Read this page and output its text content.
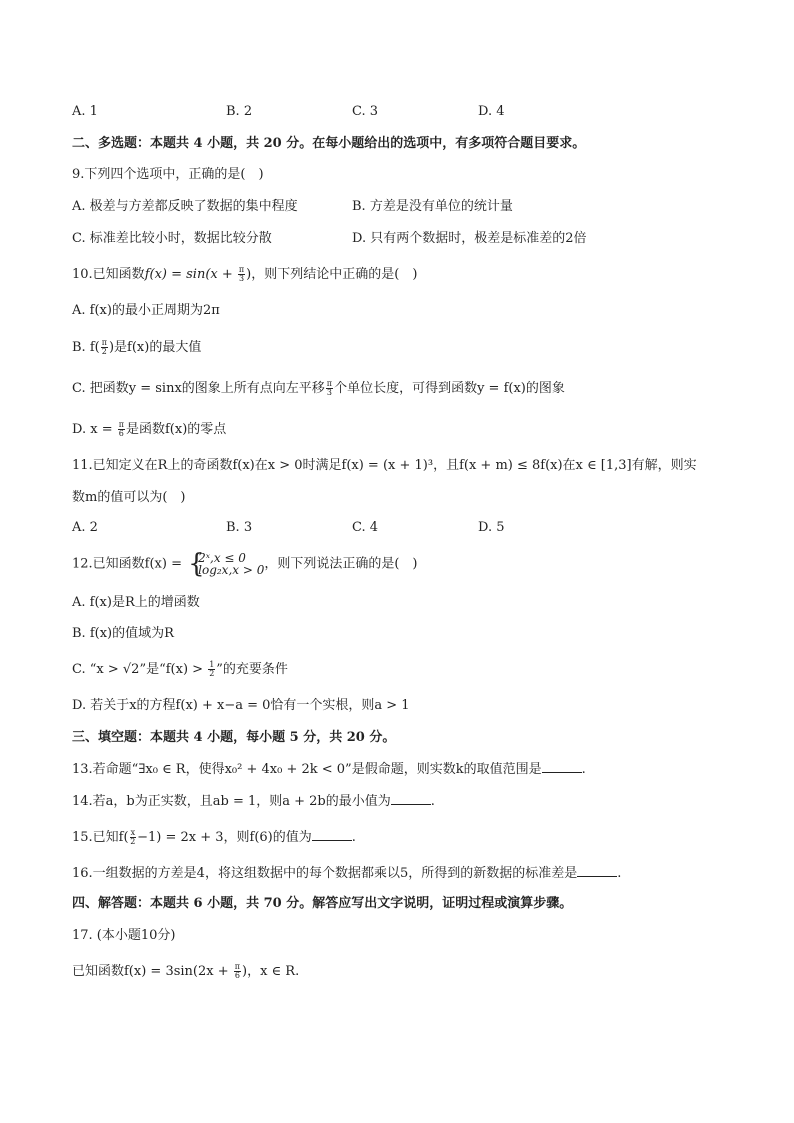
A. 1	B. 2	C. 3	D. 4
二、多选题：本题共 4 小题，共 20 分。在每小题给出的选项中，有多项符合题目要求。
9.下列四个选项中，正确的是(　)
A. 极差与方差都反映了数据的集中程度	B. 方差是没有单位的统计量
C. 标准差比较小时，数据比较分散	D. 只有两个数据时，极差是标准差的2倍
10.已知函数$f(x) = \sin(x + \frac{\pi}{3}$ )，则下列结论中正确的是(　)
A. f(x)的最小正周期为2π
B. $f( \frac{\pi}{2}$ )是f(x)的最大值
C. 把函数y = sinx的图象上所有点向左平移 $\frac{\pi}{3}$ 个单位长度，可得到函数y = f(x)的图象
D. $x = \frac{\pi}{6}$ 是函数f(x)的零点
11.已知定义在R上的奇函数f(x)在x > 0时满足f(x) = (x + 1)³，且f(x + m) ≤ 8f(x)在x ∈ [1,3]有解，则实
数m的值可以为(　)
A. 2	B. 3	C. 4	D. 5
12.已知函数f(x) = {
2ˣ,x ≤ 0
log₂x,x > 0 ，则下列说法正确的是(　)
A. f(x)是R上的增函数
B. f(x)的值域为R
C. “x > √2”是“$f(x) > \frac{1}{2}$ ”的充要条件
D. 若关于x的方程f(x) + x−a = 0恰有一个实根，则a > 1
三、填空题：本题共 4 小题，每小题 5 分，共 20 分。
13.若命题“∃x₀ ∈ R，使得x₀² + 4x₀ + 2k < 0”是假命题，则实数k的取值范围是	.
14.若a，b为正实数，且ab = 1，则a + 2b的最小值为	.
15.已知$f( \frac{x}{2} -1) = 2x + 3$，则f(6)的值为	.
16.一组数据的方差是4，将这组数据中的每个数据都乘以5，所得到的新数据的标准差是	.
四、解答题：本题共 6 小题，共 70 分。解答应写出文字说明，证明过程或演算步骤。
17. (本小题10分)
已知函数$f(x) = 3\sin(2x + \frac{\pi}{6}$ )，x ∈ R.
